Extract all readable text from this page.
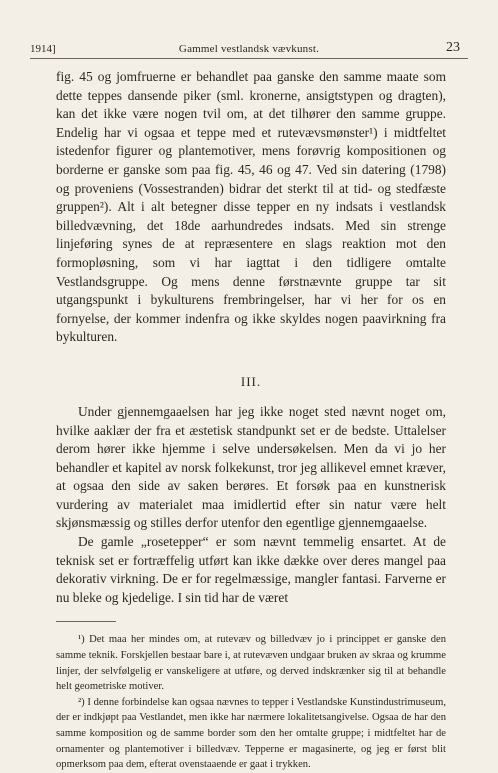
1914]	Gammel vestlandsk vævkunst.	23

fig. 45 og jomfruerne er behandlet paa ganske den samme maate som dette teppes dansende piker (sml. kronerne, ansigtstypen og dragten), kan det ikke være nogen tvil om, at det tilhører den samme gruppe. Endelig har vi ogsaa et teppe med et rutevævsmønster¹) i midtfeltet istedenfor figurer og plantemotiver, mens forøvrig kompositionen og borderne er ganske som paa fig. 45, 46 og 47. Ved sin datering (1798) og proveniens (Vossestranden) bidrar det sterkt til at tid- og stedfæste gruppen²). Alt i alt betegner disse tepper en ny indsats i vestlandsk billedvævning, det 18de aarhundredes indsats. Med sin strenge linjeføring synes de at repræsentere en slags reaktion mot den formopløsning, som vi har iagttat i den tidligere omtalte Vestlandsgruppe. Og mens denne førstnævnte gruppe tar sit utgangspunkt i bykulturens frembringelser, har vi her for os en fornyelse, der kommer indenfra og ikke skyldes nogen paavirkning fra bykulturen.

III.

Under gjennemgaaelsen har jeg ikke noget sted nævnt noget om, hvilke aaklær der fra et æstetisk standpunkt set er de bedste. Uttalelser derom hører ikke hjemme i selve undersøkelsen. Men da vi jo her behandler et kapitel av norsk folkekunst, tror jeg allikevel emnet kræver, at ogsaa den side av saken berøres. Et forsøk paa en kunstnerisk vurdering av materialet maa imidlertid efter sin natur være helt skjønsmæssig og stilles derfor utenfor den egentlige gjennemgaaelse.

De gamle „rosetepper“ er som nævnt temmelig ensartet. At de teknisk set er fortræffelig utført kan ikke dække over deres mangel paa dekorativ virkning. De er for regelmæssige, mangler fantasi. Farverne er nu bleke og kjedelige. I sin tid har de været

¹) Det maa her mindes om, at rutevæv og billedvæv jo i princippet er ganske den samme teknik. Forskjellen bestaar bare i, at rutevæven undgaar bruken av skraa og krumme linjer, der selvfølgelig er vanskeligere at utføre, og derved indskrænker sig til at behandle helt geometriske motiver.

²) I denne forbindelse kan ogsaa nævnes to tepper i Vestlandske Kunstindustrimuseum, der er indkjøpt paa Vestlandet, men ikke har nærmere lokalitetsangivelse. Ogsaa de har den samme komposition og de samme border som den her omtalte gruppe; i midtfeltet har de ornamenter og plantemotiver i billedvæv. Tepperne er magasinerte, og jeg er først blit opmerksom paa dem, efterat ovenstaaende er gaat i trykken.
